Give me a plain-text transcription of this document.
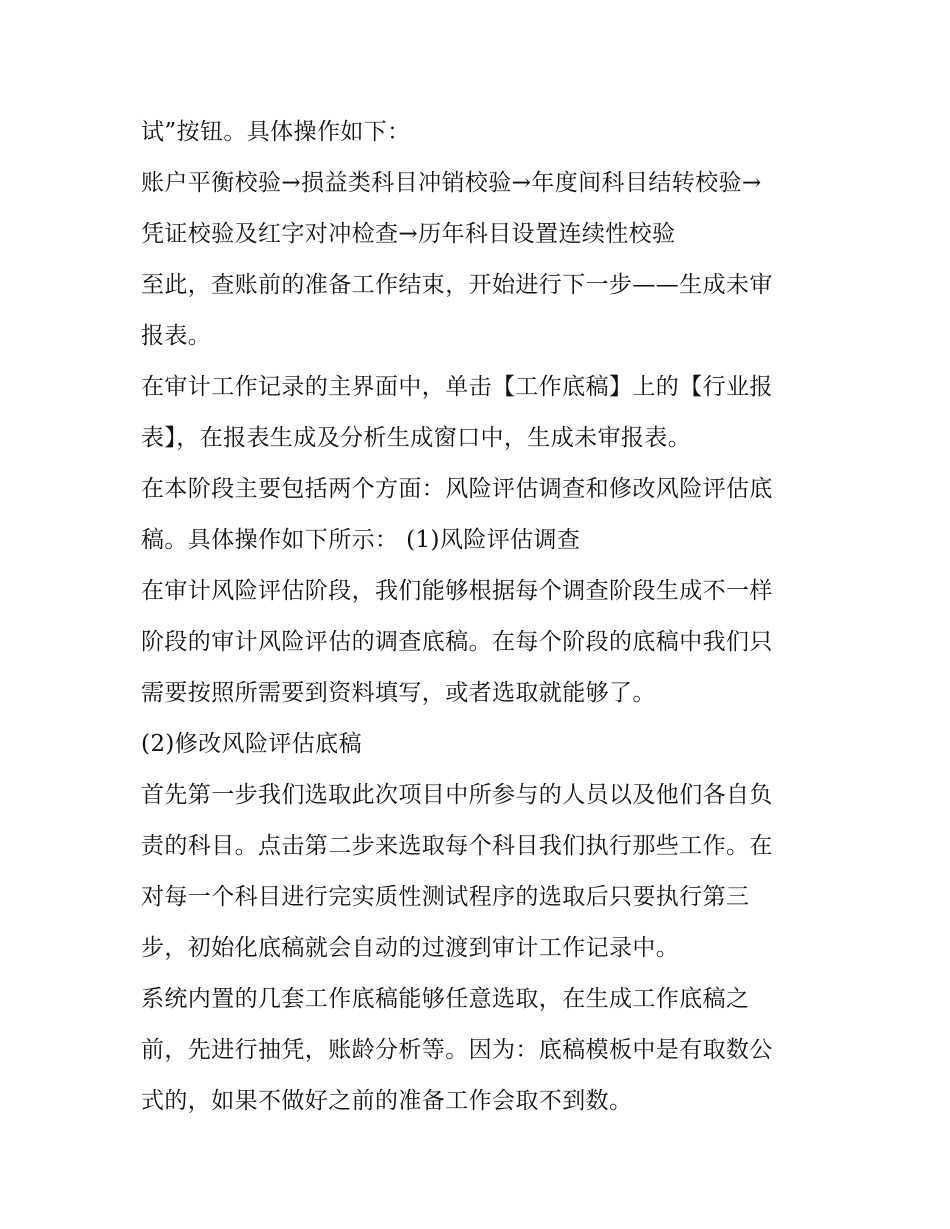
试”按钮。具体操作如下：
账户平衡校验→损益类科目冲销校验→年度间科目结转校验→
凭证校验及红字对冲检查→历年科目设置连续性校验
至此，查账前的准备工作结束，开始进行下一步——生成未审
报表。
在审计工作记录的主界面中，单击【工作底稿】上的【行业报
表】，在报表生成及分析生成窗口中，生成未审报表。
在本阶段主要包括两个方面：风险评估调查和修改风险评估底
稿。具体操作如下所示： (1)风险评估调查
在审计风险评估阶段，我们能够根据每个调查阶段生成不一样
阶段的审计风险评估的调查底稿。在每个阶段的底稿中我们只
需要按照所需要到资料填写，或者选取就能够了。
(2)修改风险评估底稿
首先第一步我们选取此次项目中所参与的人员以及他们各自负
责的科目。点击第二步来选取每个科目我们执行那些工作。在
对每一个科目进行完实质性测试程序的选取后只要执行第三
步，初始化底稿就会自动的过渡到审计工作记录中。
系统内置的几套工作底稿能够任意选取，在生成工作底稿之
前，先进行抽凭，账龄分析等。因为：底稿模板中是有取数公
式的，如果不做好之前的准备工作会取不到数。
